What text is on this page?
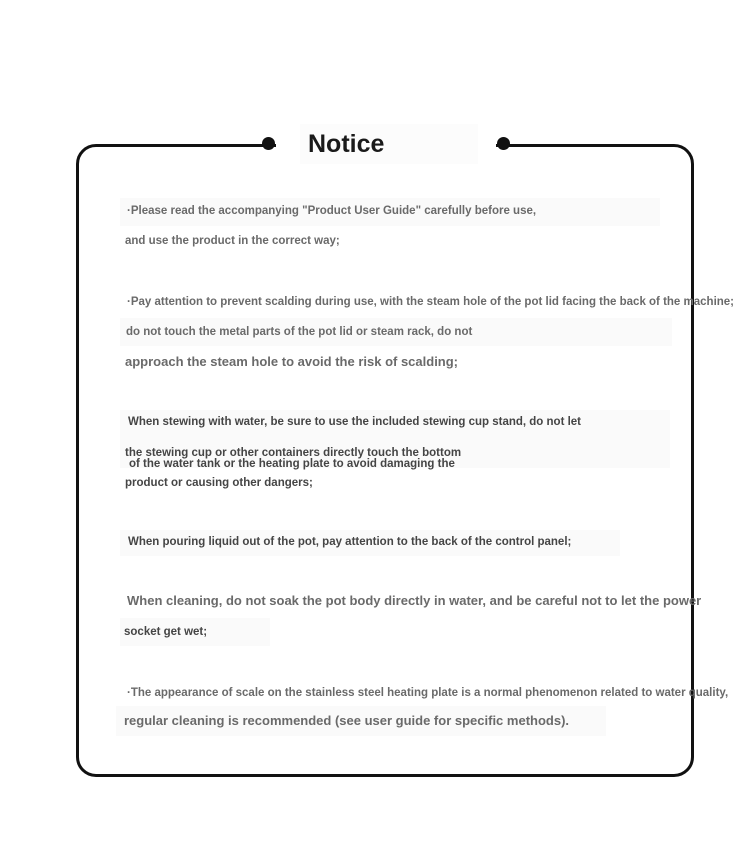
Notice
·Please read the accompanying "Product User Guide" carefully before use,
and use the product in the correct way;
·Pay attention to prevent scalding during use, with the steam hole of the pot lid facing the back of the machine;
do not touch the metal parts of the pot lid or steam rack, do not
approach the steam hole to avoid the risk of scalding;
When stewing with water, be sure to use the included stewing cup stand, do not let
the stewing cup or other containers directly touch the bottom
of the water tank or the heating plate to avoid damaging the
product or causing other dangers;
When pouring liquid out of the pot, pay attention to the back of the control panel;
When cleaning, do not soak the pot body directly in water, and be careful not to let the power
socket get wet;
·The appearance of scale on the stainless steel heating plate is a normal phenomenon related to water quality,
regular cleaning is recommended (see user guide for specific methods).
